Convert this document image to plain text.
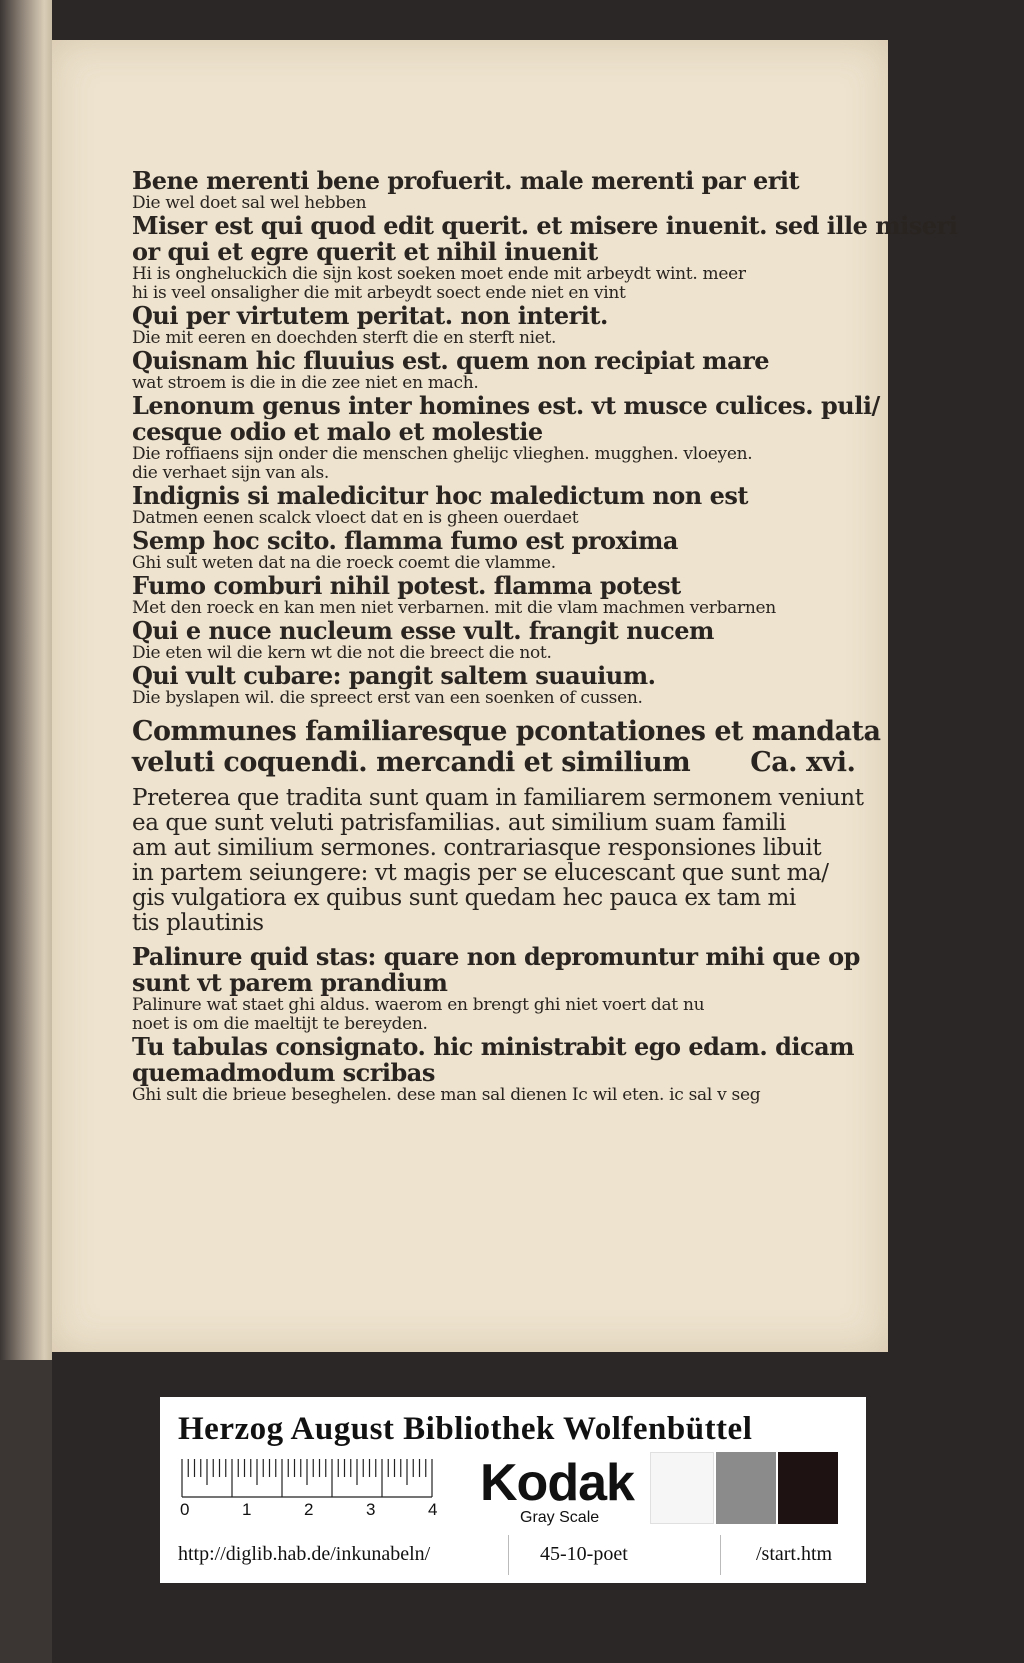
Bene merenti bene profuerit. male merenti par erit
Die wel doet sal wel hebben
Miser est qui quod edit querit. et misere inuenit. sed ille miseri
or qui et egre querit et nihil inuenit
Hi is ongheluckich die sijn kost soeken moet ende mit arbeydt wint. meer
hi is veel onsaligher die mit arbeydt soect ende niet en vint
Qui per virtutem peritat. non interit.
Die mit eeren en doechden sterft die en sterft niet.
Quisnam hic fluuius est. quem non recipiat mare
wat stroem is die in die zee niet en mach.
Lenonum genus inter homines est. vt musce culices. puli/
cesque odio et malo et molestie
Die roffiaens sijn onder die menschen ghelijc vlieghen. mugghen. vloeyen.
die verhaet sijn van als.
Indignis si maledicitur hoc maledictum non est
Datmen eenen scalck vloect dat en is gheen ouerdaet
Semp hoc scito. flamma fumo est proxima
Ghi sult weten dat na die roeck coemt die vlamme.
Fumo comburi nihil potest. flamma potest
Met den roeck en kan men niet verbarnen. mit die vlam machmen verbarnen
Qui e nuce nucleum esse vult. frangit nucem
Die eten wil die kern wt die not die breect die not.
Qui vult cubare: pangit saltem suauium.
Die byslapen wil. die spreect erst van een soenken of cussen.
Communes familiaresque pcontationes et mandata
veluti coquendi. mercandi et similium Ca. xvi.
Preterea que tradita sunt quam in familiarem sermonem veniunt
ea que sunt veluti patrisfamilias. aut similium suam famili
am aut similium sermones. contrariasque responsiones libuit
in partem seiungere: vt magis per se elucescant que sunt ma/
gis vulgatiora ex quibus sunt quedam hec pauca ex tam mi
tis plautinis
Palinure quid stas: quare non depromuntur mihi que op
sunt vt parem prandium
Palinure wat staet ghi aldus. waerom en brengt ghi niet voert dat nu
noet is om die maeltijt te bereyden.
Tu tabulas consignato. hic ministrabit ego edam. dicam
quemadmodum scribas
Ghi sult die brieue beseghelen. dese man sal dienen Ic wil eten. ic sal v seg
Herzog August Bibliothek Wolfenbüttel
0	1	2	3	4 Kodak
Gray Scale
http://diglib.hab.de/inkunabeln/	45-10-poet	/start.htm
